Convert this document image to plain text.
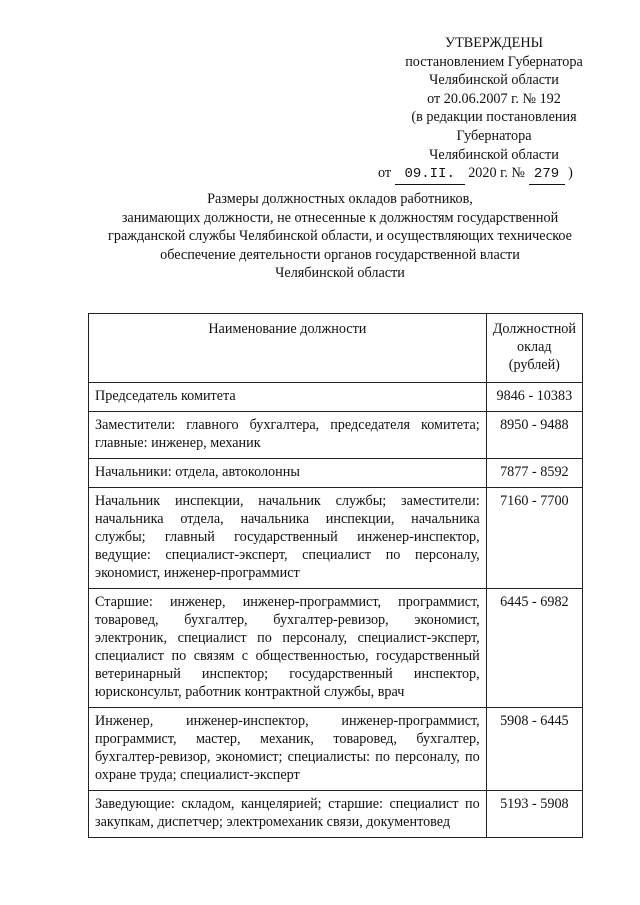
УТВЕРЖДЕНЫ
постановлением Губернатора
Челябинской области
от 20.06.2007 г. № 192
(в редакции постановления
Губернатора
Челябинской области
от 09.II. 2020 г. № 279 )
Размеры должностных окладов работников,
занимающих должности, не отнесенные к должностям государственной
гражданской службы Челябинской области, и осуществляющих техническое
обеспечение деятельности органов государственной власти
Челябинской области
Наименование должности	Должностной
оклад (рублей)

Председатель комитета	9846 - 10383
Заместители: главного бухгалтера, председателя комитета; главные: инженер, механик	8950 - 9488
Начальники: отдела, автоколонны	7877 - 8592
Начальник инспекции, начальник службы; заместители: начальника отдела, начальника инспекции, начальника службы; главный государственный инженер-инспектор, ведущие: специалист-эксперт, специалист по персоналу, экономист, инженер-программист	7160 - 7700
Старшие: инженер, инженер-программист, программист, товаровед, бухгалтер, бухгалтер-ревизор, экономист, электроник, специалист по персоналу, специалист-эксперт, специалист по связям с общественностью, государственный ветеринарный инспектор; государственный инспектор, юрисконсульт, работник контрактной службы, врач	6445 - 6982
Инженер, инженер-инспектор, инженер-программист, программист, мастер, механик, товаровед, бухгалтер, бухгалтер-ревизор, экономист; специалисты: по персоналу, по охране труда; специалист-эксперт	5908 - 6445
Заведующие: складом, канцелярией; старшие: специалист по закупкам, диспетчер; электромеханик связи, документовед	5193 - 5908
